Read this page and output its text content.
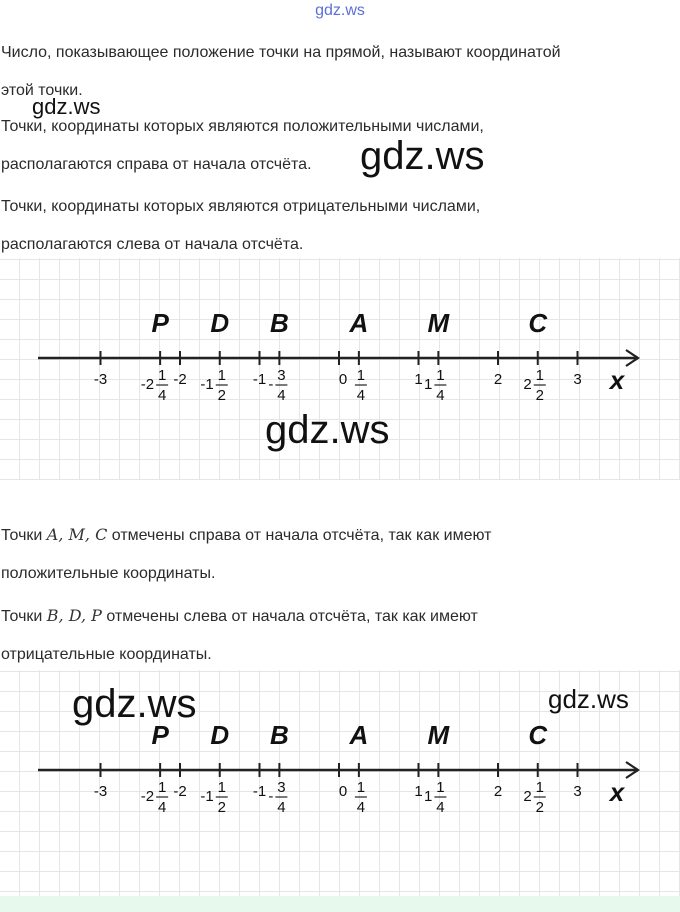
gdz.ws

Число, показывающее положение точки на прямой, называют координатой
этой точки.

Точки, координаты которых являются положительными числами,
располагаются справа от начала отсчёта.

Точки, координаты которых являются отрицательными числами,
располагаются слева от начала отсчёта.

x
-3	-2	-1	0	1	2	3
P
1
4
-2
D
1
2
-1
B
3
4
-
A
1
4
M
1
4
1
C
1
2
2

Точки A, M, C отмечены справа от начала отсчёта, так как имеют
положительные координаты.

Точки B, D, P отмечены слева от начала отсчёта, так как имеют
отрицательные координаты.

x
-3	-2	-1	0	1	2	3
P
1
4
-2
D
1
2
-1
B
3
4
-
A
1
4
M
1
4
1
C
1
2
2
gdz.ws
gdz.ws
gdz.ws
gdz.ws	gdz.ws
